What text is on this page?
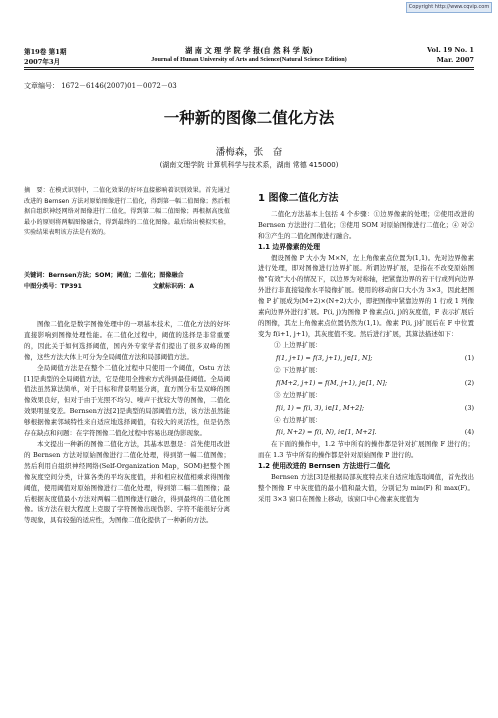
Copyright http://www.cqvip.com
第19卷 第1期
2007年3月
湖 南 文 理 学 院 学 报(自 然 科 学 版)
Journal of Hunan University of Arts and Science(Natural Science Edition)
Vol. 19 No. 1
Mar. 2007
文章编号： 1672－6146(2007)01－0072－03
一种新的图像二值化方法
潘梅森，张　奋
(湖南文理学院 计算机科学与技术系，湖南 常德 415000)
摘　要：在模式识别中，二值化效果的好坏直接影响着识别效果。首先通过改进的 Bernsen 方法对原始图像进行二值化，得到第一幅二值图像；然后根据自组织神经网络对图像进行二值化，得到第二幅二值图像；再根据高度值最小的原则将两幅图像融合，得到最终的二值化图像。最后给出模拟实验，实验结果表明该方法是有效的。
关键词：Bernsen方法；SOM；阈值；二值化；图像融合
中图分类号：TP391	文献标识码：A

图像二值化是数字图像处理中的一项基本技术，二值化方法的好坏直接影响到图像处理性能。在二值化过程中，阈值的选择是非常重要的，因此关于如何选择阈值，国内外专家学者们提出了很多双峰的图像，这些方法大体上可分为全局阈值方法和局部阈值方法。

全局阈值方法是在整个二值化过程中只使用一个阈值，Ostu 方法[1]是典型的全局阈值方法，它是使用全搜索方式得到最佳阈值。全局阈值法虽然算法简单，对于目标和背景明显分离，直方图分布呈双峰的图像效果良好，但对于由于光照不均匀、噪声干扰较大等的图像，二值化效果明显变差。Bernsen方法[2]是典型的局部阈值方法，该方法虽然能够根据像素邻域特性来自适应地选择阈值，有较大的灵活性，但是仍然存在缺点和问题：在字符图像二值化过程中容易出现伪影现象。

本文提出一种新的图像二值化方法，其基本思想是：首先使用改进的 Bernsen 方法对原始图像进行二值化处理，得到第一幅二值图像；然后利用自组织神经网络(Self-Organization Map，SOM)把整个图像灰度空间分类，计算各类的平均灰度值，并和相应权值相乘求得图像阈值，使用阈值对原始图像进行二值化处理，得到第二幅二值图像；最后根据灰度值最小方法对两幅二值图像进行融合，得到最终的二值化图像。该方法在很大程度上克服了字符图像出现伪影、字符不能很好分离等现象，具有较强的适应性，为图像二值化提供了一种新的方法。

1 图像二值化方法

二值化方法基本上包括 4 个步骤：①边界像素的处理；②使用改进的 Bernsen 方法进行二值化；③使用 SOM 对原始图像进行二值化；④ 对②和③产生的二值化图像进行融合。

1.1 边界像素的处理

假设图像 P 大小为 M×N，左上角像素点位置为(1,1)。先对边界像素进行处理，即对图像进行边界扩展。所谓边界扩展，是指在不改变原始图像"有效"大小的情况下，以边界为对称轴，把紧靠边界的若干行或列向边界外进行非直接镜像水平镜像扩展。使用的移动窗口大小为 3×3，因此把图像 P 扩展成为(M+2)×(N+2)大小，即把图像中紧靠边界的 1 行或 1 列像素向边界外进行扩展。P(i, j)为图像 P 像素点(i, j)的灰度值，F 表示扩展后的图像，其左上角像素点位置仍然为(1,1)。像素 P(i, j)扩展后在 F 中位置变为 f(i+1, j+1)，其灰度值不变。然后进行扩展，其算法描述如下：

① 上边界扩展：
f(1, j+1) = f(3, j+1), j∈[1, N];	(1)
② 下边界扩展：
f(M+2, j+1) = f(M, j+1), j∈[1, N];	(2)
③ 左边界扩展：
f(i, 1) = f(i, 3), i∈[1, M+2];	(3)
④ 右边界扩展：
f(i, N+2) = f(i, N), i∈[1, M+2].	(4)

在下面的操作中，1.2 节中所有的操作都是针对扩展图像 F 进行的；而在 1.3 节中所有的操作都是针对原始图像 P 进行的。

1.2 使用改进的 Bernsen 方法进行二值化

Bernsen 方法[3]是根据局部灰度特点来自适应地选取阈值，首先找出整个图像 F 中灰度值的最小值和最大值，分别记为 min(F) 和 max(F)。采用 3×3 窗口在图像上移动，该窗口中心像素灰度值为
